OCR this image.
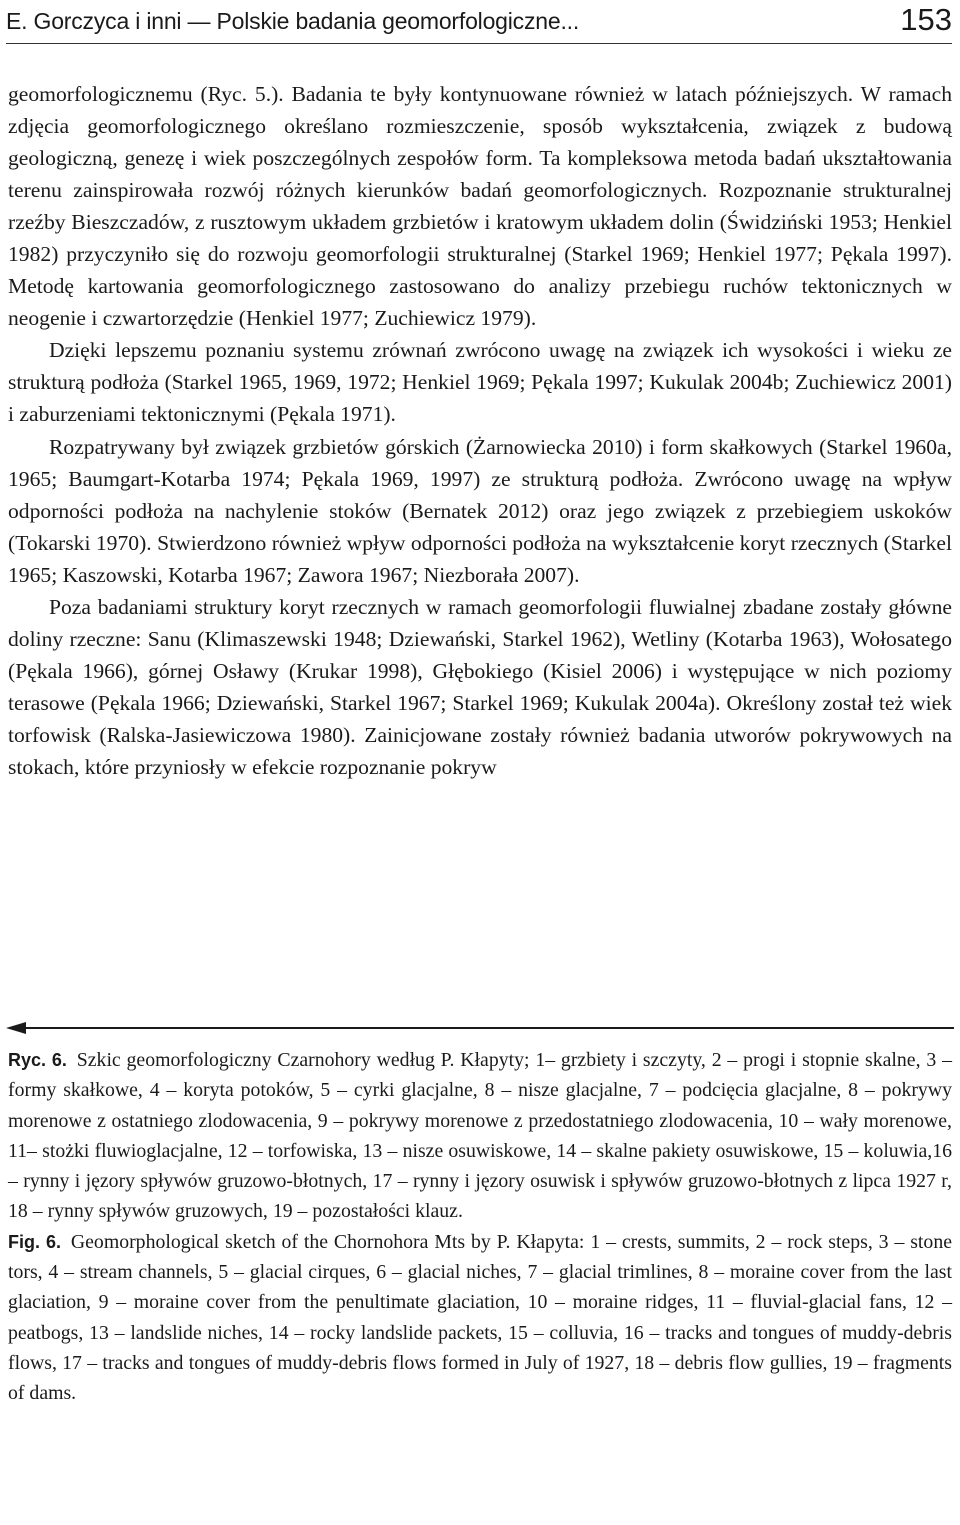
E. Gorczyca i inni — Polskie badania geomorfologiczne...	153

geomorfologicznemu (Ryc. 5.). Badania te były kontynuowane również w latach późniejszych. W ramach zdjęcia geomorfologicznego określano rozmieszczenie, sposób wykształcenia, związek z budową geologiczną, genezę i wiek poszczególnych zespołów form. Ta kompleksowa metoda badań ukształtowania terenu zainspirowała rozwój różnych kierunków badań geomorfologicznych. Rozpoznanie strukturalnej rzeźby Bieszczadów, z rusztowym układem grzbietów i kratowym układem dolin (Świdziński 1953; Henkiel 1982) przyczyniło się do rozwoju geomorfologii strukturalnej (Starkel 1969; Henkiel 1977; Pękala 1997). Metodę kartowania geomorfologicznego zastosowano do analizy przebiegu ruchów tektonicznych w neogenie i czwartorzędzie (Henkiel 1977; Zuchiewicz 1979).

Dzięki lepszemu poznaniu systemu zrównań zwrócono uwagę na związek ich wysokości i wieku ze strukturą podłoża (Starkel 1965, 1969, 1972; Henkiel 1969; Pękala 1997; Kukulak 2004b; Zuchiewicz 2001) i zaburzeniami tektonicznymi (Pękala 1971).

Rozpatrywany był związek grzbietów górskich (Żarnowiecka 2010) i form skałkowych (Starkel 1960a, 1965; Baumgart-Kotarba 1974; Pękala 1969, 1997) ze strukturą podłoża. Zwrócono uwagę na wpływ odporności podłoża na nachylenie stoków (Bernatek 2012) oraz jego związek z przebiegiem uskoków (Tokarski 1970). Stwierdzono również wpływ odporności podłoża na wykształcenie koryt rzecznych (Starkel 1965; Kaszowski, Kotarba 1967; Zawora 1967; Niezborała 2007).

Poza badaniami struktury koryt rzecznych w ramach geomorfologii fluwialnej zbadane zostały główne doliny rzeczne: Sanu (Klimaszewski 1948; Dziewański, Starkel 1962), Wetliny (Kotarba 1963), Wołosatego (Pękala 1966), górnej Osławy (Krukar 1998), Głębokiego (Kisiel 2006) i występujące w nich poziomy terasowe (Pękala 1966; Dziewański, Starkel 1967; Starkel 1969; Kukulak 2004a). Określony został też wiek torfowisk (Ralska-Jasiewiczowa 1980). Zainicjowane zostały również badania utworów pokrywowych na stokach, które przyniosły w efekcie rozpoznanie pokryw

Ryc. 6. Szkic geomorfologiczny Czarnohory według P. Kłapyty; 1– grzbiety i szczyty, 2 – progi i stopnie skalne, 3 – formy skałkowe, 4 – koryta potoków, 5 – cyrki glacjalne, 8 – nisze glacjalne, 7 – podcięcia glacjalne, 8 – pokrywy morenowe z ostatniego zlodowacenia, 9 – pokrywy morenowe z przedostatniego zlodowacenia, 10 – wały morenowe, 11– stożki fluwioglacjalne, 12 – torfowiska, 13 – nisze osuwiskowe, 14 – skalne pakiety osuwiskowe, 15 – koluwia,16 – rynny i jęzory spływów gruzowo-błotnych, 17 – rynny i jęzory osuwisk i spływów gruzowo-błotnych z lipca 1927 r, 18 – rynny spływów gruzowych, 19 – pozostałości klauz.

Fig. 6. Geomorphological sketch of the Chornohora Mts by P. Kłapyta: 1 – crests, summits, 2 – rock steps, 3 – stone tors, 4 – stream channels, 5 – glacial cirques, 6 – glacial niches, 7 – glacial trimlines, 8 – moraine cover from the last glaciation, 9 – moraine cover from the penultimate glaciation, 10 – moraine ridges, 11 – fluvial-glacial fans, 12 – peatbogs, 13 – landslide niches, 14 – rocky landslide packets, 15 – colluvia, 16 – tracks and tongues of muddy-debris flows, 17 – tracks and tongues of muddy-debris flows formed in July of 1927, 18 – debris flow gullies, 19 – fragments of dams.
